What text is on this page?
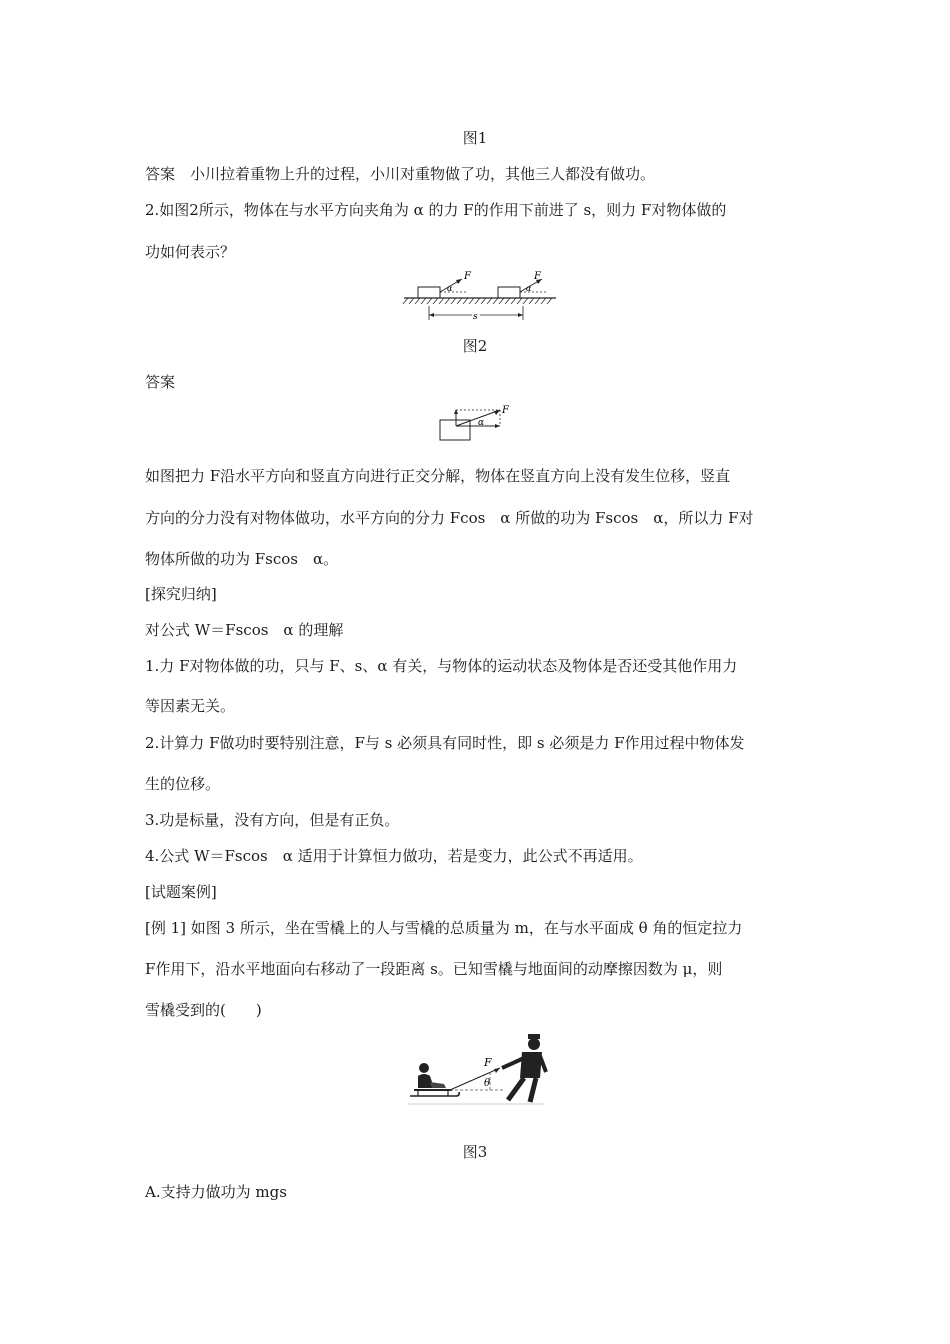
图1
答案　小川拉着重物上升的过程，小川对重物做了功，其他三人都没有做功。
2.如图2所示，物体在与水平方向夹角为 α 的力 F的作用下前进了 s，则力 F对物体做的
功如何表示？
F
α
F
α
s
图2
答案
F
α
如图把力 F沿水平方向和竖直方向进行正交分解，物体在竖直方向上没有发生位移，竖直
方向的分力没有对物体做功，水平方向的分力 Fcos　α 所做的功为 Fscos　α，所以力 F对
物体所做的功为 Fscos　α。
[探究归纳]
对公式 W＝Fscos　α 的理解
1.力 F对物体做的功，只与 F、s、α 有关，与物体的运动状态及物体是否还受其他作用力
等因素无关。
2.计算力 F做功时要特别注意，F与 s 必须具有同时性，即 s 必须是力 F作用过程中物体发
生的位移。
3.功是标量，没有方向，但是有正负。
4.公式 W＝Fscos　α 适用于计算恒力做功，若是变力，此公式不再适用。
[试题案例]
[例 1] 如图 3 所示，坐在雪橇上的人与雪橇的总质量为 m，在与水平面成 θ 角的恒定拉力
F作用下，沿水平地面向右移动了一段距离 s。已知雪橇与地面间的动摩擦因数为 μ，则
雪橇受到的(　　)
F
θ
图3
A.支持力做功为 mgs
